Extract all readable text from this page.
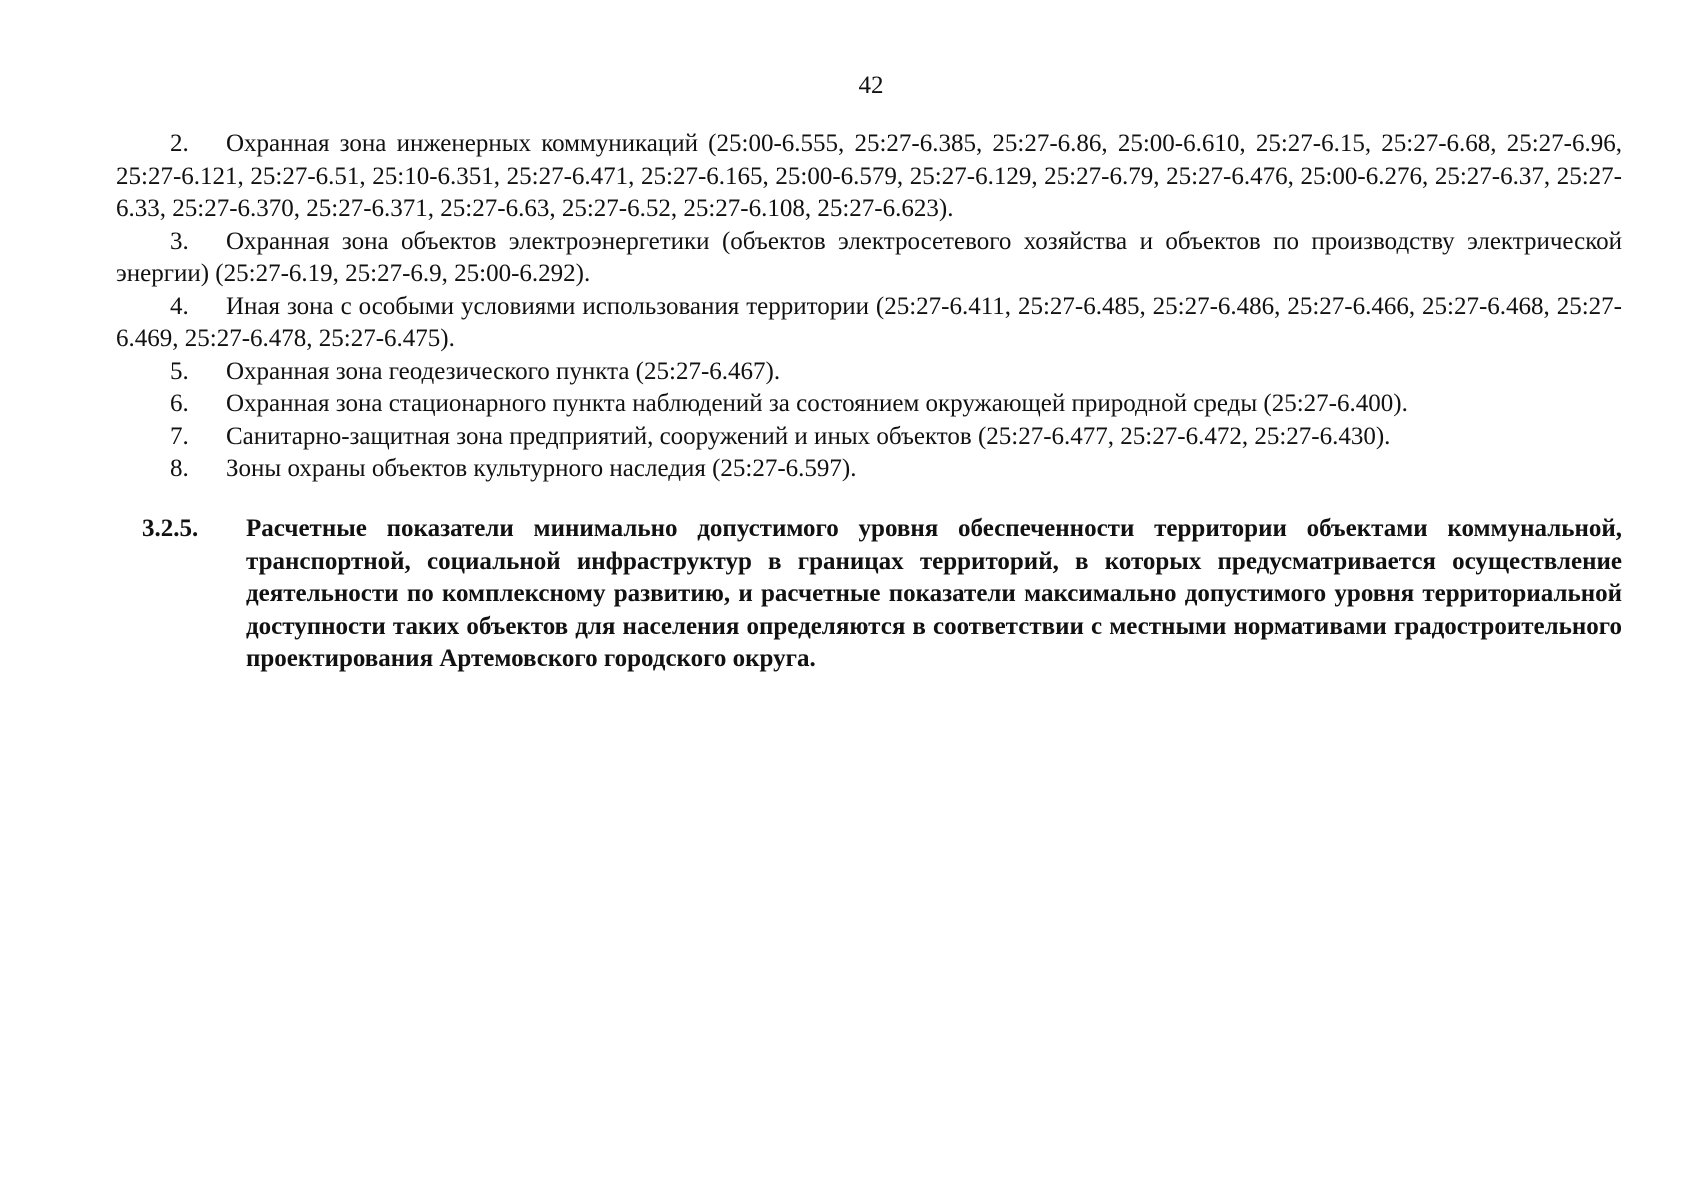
42
2. Охранная зона инженерных коммуникаций (25:00-6.555, 25:27-6.385, 25:27-6.86, 25:00-6.610, 25:27-6.15, 25:27-6.68, 25:27-6.96, 25:27-6.121, 25:27-6.51, 25:10-6.351, 25:27-6.471, 25:27-6.165, 25:00-6.579, 25:27-6.129, 25:27-6.79, 25:27-6.476, 25:00-6.276, 25:27-6.37, 25:27-6.33, 25:27-6.370, 25:27-6.371, 25:27-6.63, 25:27-6.52, 25:27-6.108, 25:27-6.623).
3. Охранная зона объектов электроэнергетики (объектов электросетевого хозяйства и объектов по производству электрической энергии) (25:27-6.19, 25:27-6.9, 25:00-6.292).
4. Иная зона с особыми условиями использования территории (25:27-6.411, 25:27-6.485, 25:27-6.486, 25:27-6.466, 25:27-6.468, 25:27-6.469, 25:27-6.478, 25:27-6.475).
5. Охранная зона геодезического пункта (25:27-6.467).
6. Охранная зона стационарного пункта наблюдений за состоянием окружающей природной среды (25:27-6.400).
7. Санитарно-защитная зона предприятий, сооружений и иных объектов (25:27-6.477, 25:27-6.472, 25:27-6.430).
8. Зоны охраны объектов культурного наследия (25:27-6.597).
3.2.5. Расчетные показатели минимально допустимого уровня обеспеченности территории объектами коммунальной, транспортной, социальной инфраструктур в границах территорий, в которых предусматривается осуществление деятельности по комплексному развитию, и расчетные показатели максимально допустимого уровня территориальной доступности таких объектов для населения определяются в соответствии с местными нормативами градостроительного проектирования Артемовского городского округа.
